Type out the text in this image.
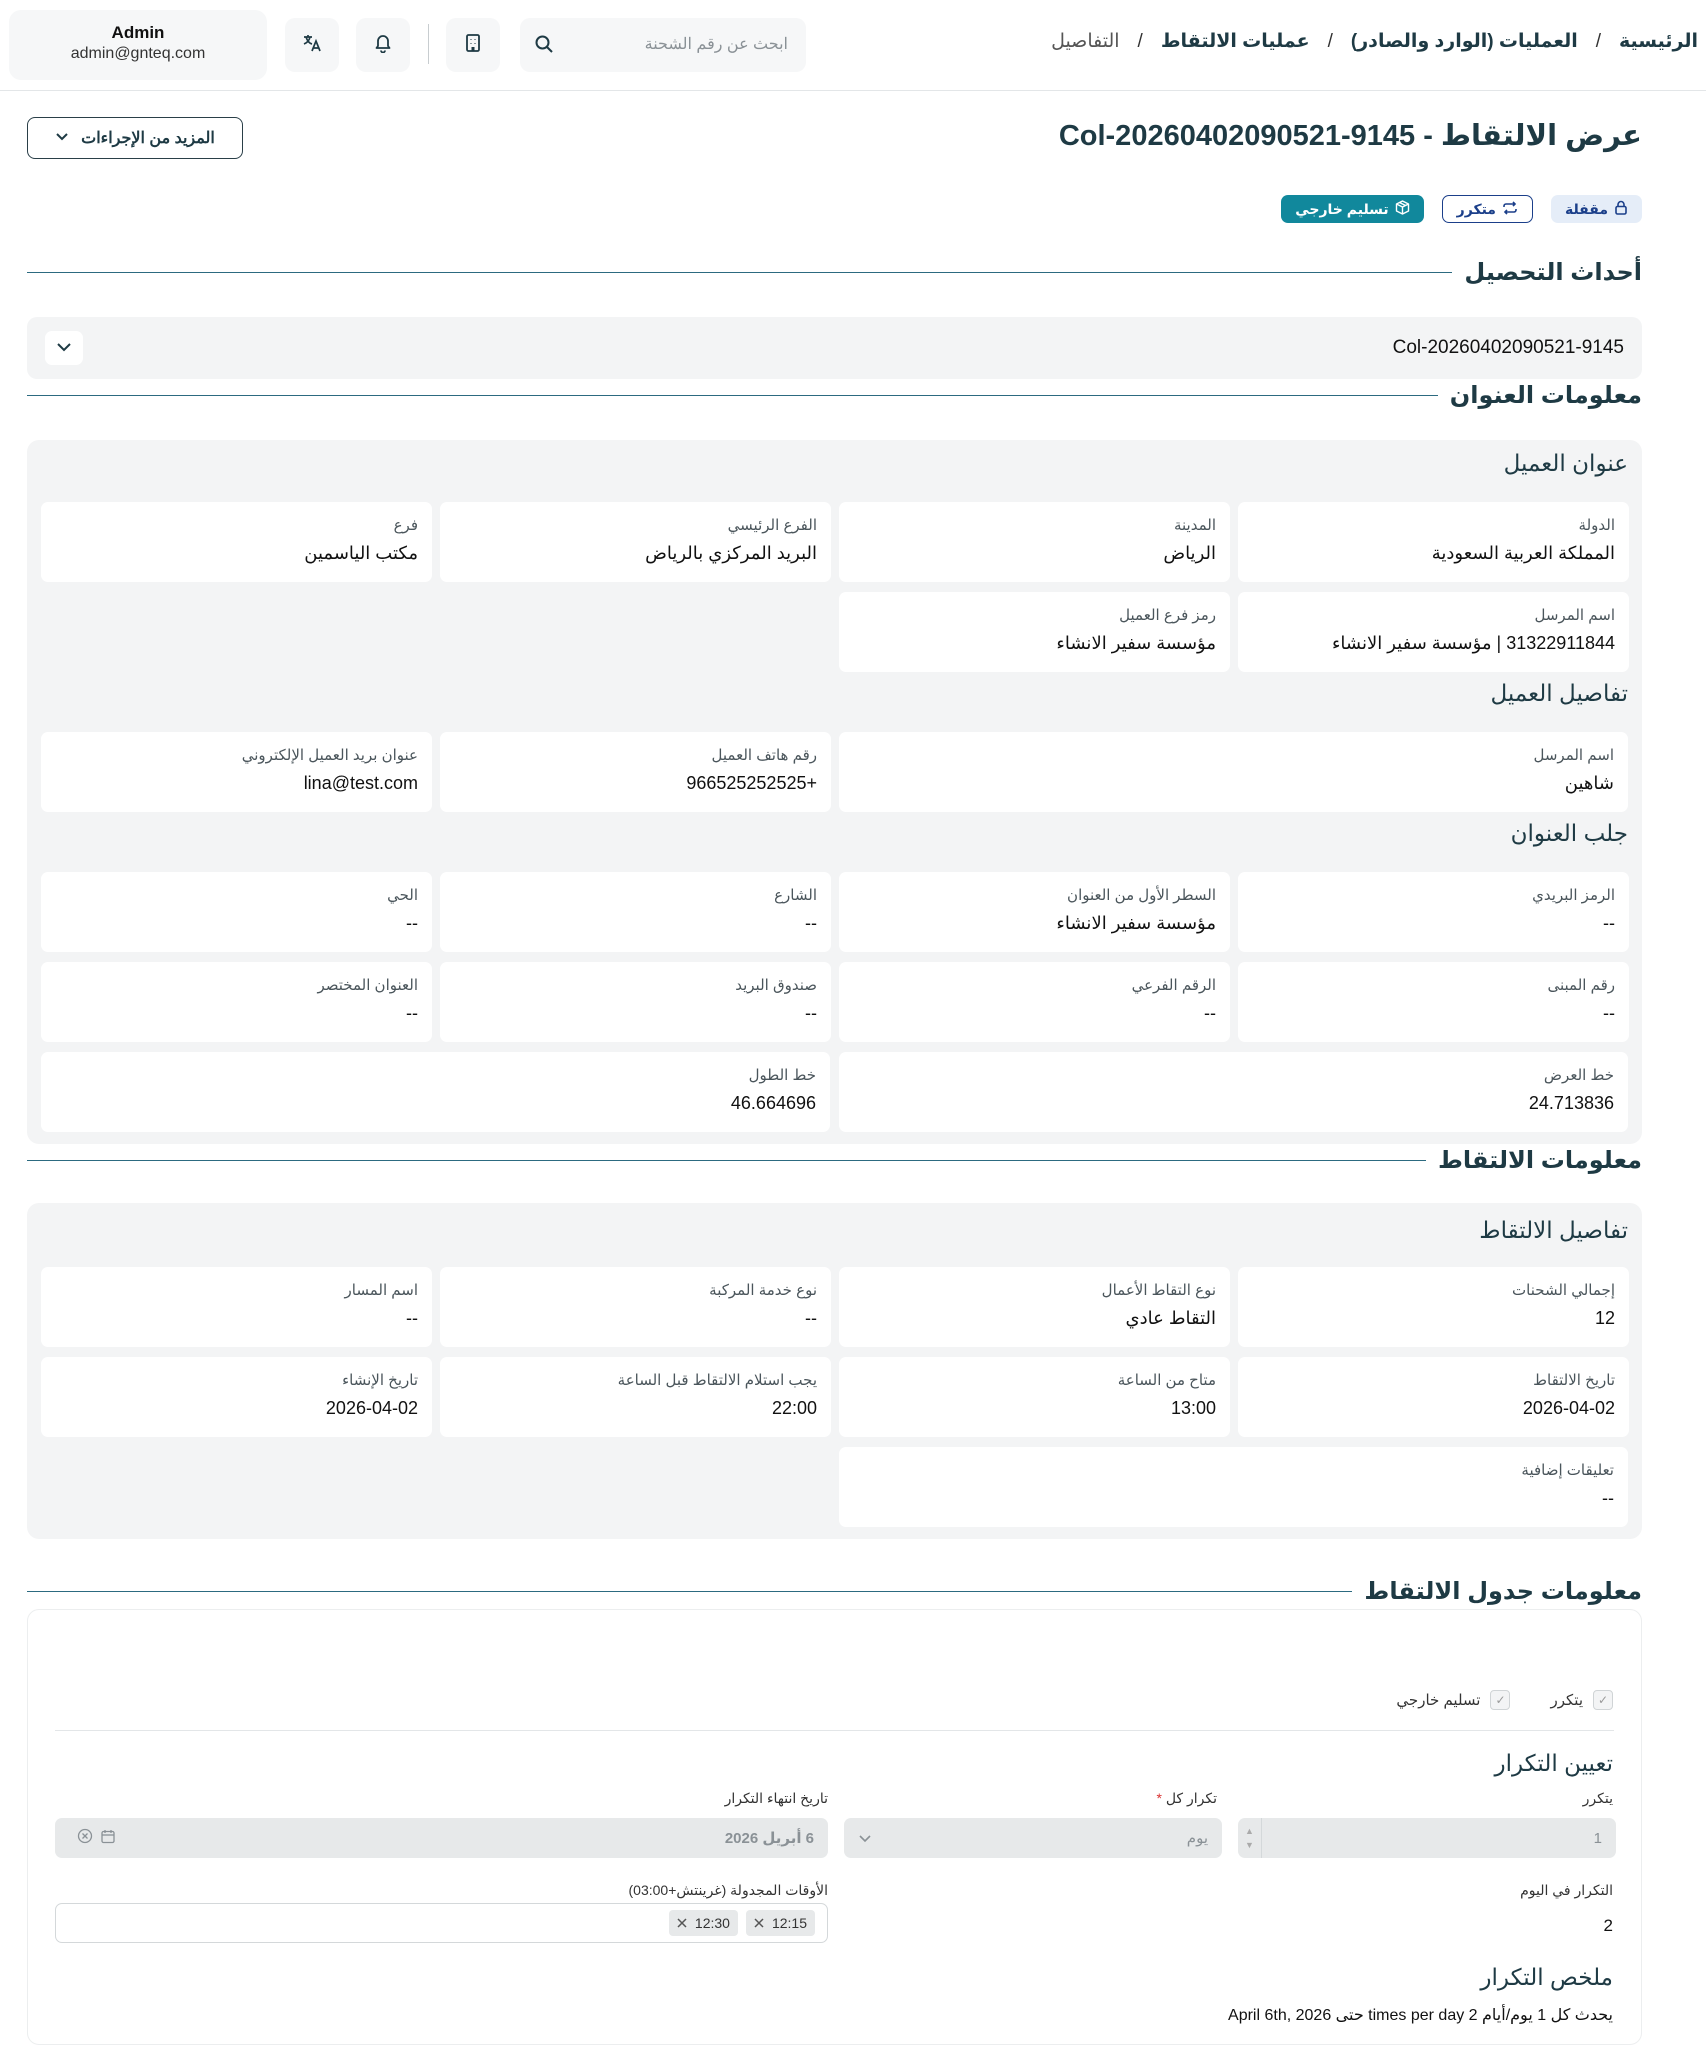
الرئيسية
/
العمليات (الوارد والصادر)
/
عمليات الالتقاط
/
التفاصيل
ابحث عن رقم الشحنة
Admin
admin@gnteq.com
عرض الالتقاط - Col-20260402090521-9145
المزيد من الإجراءات
مقفلة
متكرر
تسليم خارجي
أحداث التحصيل
Col-20260402090521-9145
معلومات العنوان
عنوان العميل
الدولة
المملكة العربية السعودية
المدينة
الرياض
الفرع الرئيسي
البريد المركزي بالرياض
فرع
مكتب الياسمين
اسم المرسل
31322911844 | مؤسسة سفير الانشاء
رمز فرع العميل
مؤسسة سفير الانشاء
تفاصيل العميل
اسم المرسل
شاهين
رقم هاتف العميل
+966525252525
عنوان بريد العميل الإلكتروني
lina@test.com
جلب العنوان
الرمز البريدي
--
السطر الأول من العنوان
مؤسسة سفير الانشاء
الشارع
--
الحي
--
رقم المبنى
--
الرقم الفرعي
--
صندوق البريد
--
العنوان المختصر
--
خط العرض
24.713836
خط الطول
46.664696
معلومات الالتقاط
تفاصيل الالتقاط
إجمالي الشحنات
12
نوع التقاط الأعمال
التقاط عادي
نوع خدمة المركبة
--
اسم المسار
--
تاريخ الالتقاط
2026-04-02
متاح من الساعة
13:00
يجب استلام الالتقاط قبل الساعة
22:00
تاريخ الإنشاء
2026-04-02
تعليقات إضافية
--
معلومات جدول الالتقاط
✓
يتكرر
✓
تسليم خارجي
تعيين التكرار
يتكرر
تكرار كل *
تاريخ انتهاء التكرار
1
▲
▼
يوم
6 أبريل 2026
التكرار في اليوم
الأوقات المجدولة (غرينتش+03:00)
2
12:15
12:30
ملخص التكرار
يحدث كل 1 يوم/أيام 2 times per day حتى April 6th, 2026
